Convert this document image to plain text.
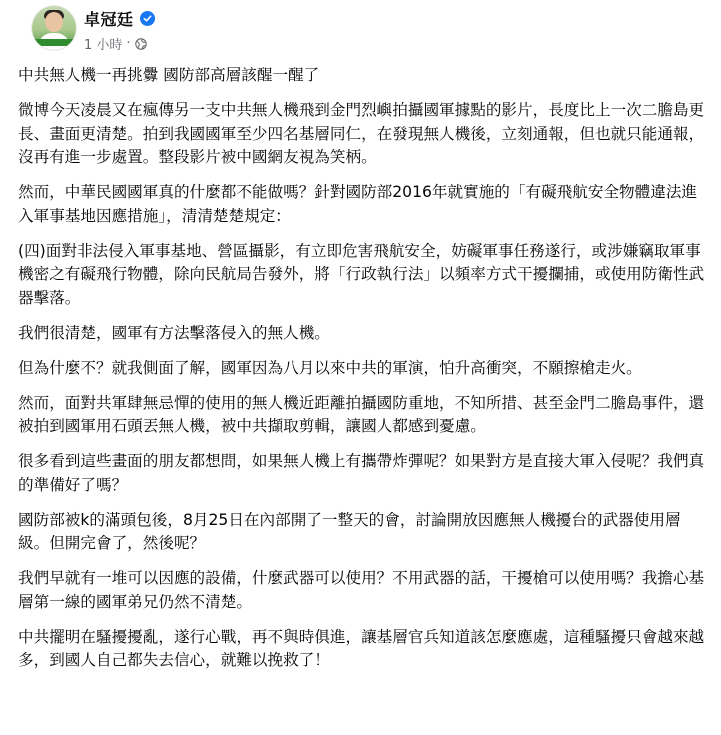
卓冠廷
1 小時 ·

中共無人機一再挑釁 國防部高層該醒一醒了

微博今天凌晨又在瘋傳另一支中共無人機飛到金門烈嶼拍攝國軍據點的影片，長度比上一次二膽島更長、畫面更清楚。拍到我國國軍至少四名基層同仁，在發現無人機後，立刻通報，但也就只能通報，沒再有進一步處置。整段影片被中國網友視為笑柄。

然而，中華民國國軍真的什麼都不能做嗎？針對國防部2016年就實施的「有礙飛航安全物體違法進入軍事基地因應措施」，清清楚楚規定：

(四)面對非法侵入軍事基地、營區攝影，有立即危害飛航安全，妨礙軍事任務遂行，或涉嫌竊取軍事機密之有礙飛行物體，除向民航局告發外，將「行政執行法」以頻率方式干擾攔捕，或使用防衛性武器擊落。

我們很清楚，國軍有方法擊落侵入的無人機。

但為什麼不？就我側面了解，國軍因為八月以來中共的軍演，怕升高衝突，不願擦槍走火。

然而，面對共軍肆無忌憚的使用的無人機近距離拍攝國防重地，不知所措、甚至金門二膽島事件，還被拍到國軍用石頭丟無人機，被中共擷取剪輯，讓國人都感到憂慮。

很多看到這些畫面的朋友都想問，如果無人機上有攜帶炸彈呢？如果對方是直接大軍入侵呢？我們真的準備好了嗎？

國防部被k的滿頭包後，8月25日在內部開了一整天的會，討論開放因應無人機擾台的武器使用層級。但開完會了，然後呢？

我們早就有一堆可以因應的設備，什麼武器可以使用？不用武器的話，干擾槍可以使用嗎？我擔心基層第一線的國軍弟兄仍然不清楚。

中共擺明在騷擾擾亂，遂行心戰，再不與時俱進，讓基層官兵知道該怎麼應處，這種騷擾只會越來越多，到國人自己都失去信心，就難以挽救了！
